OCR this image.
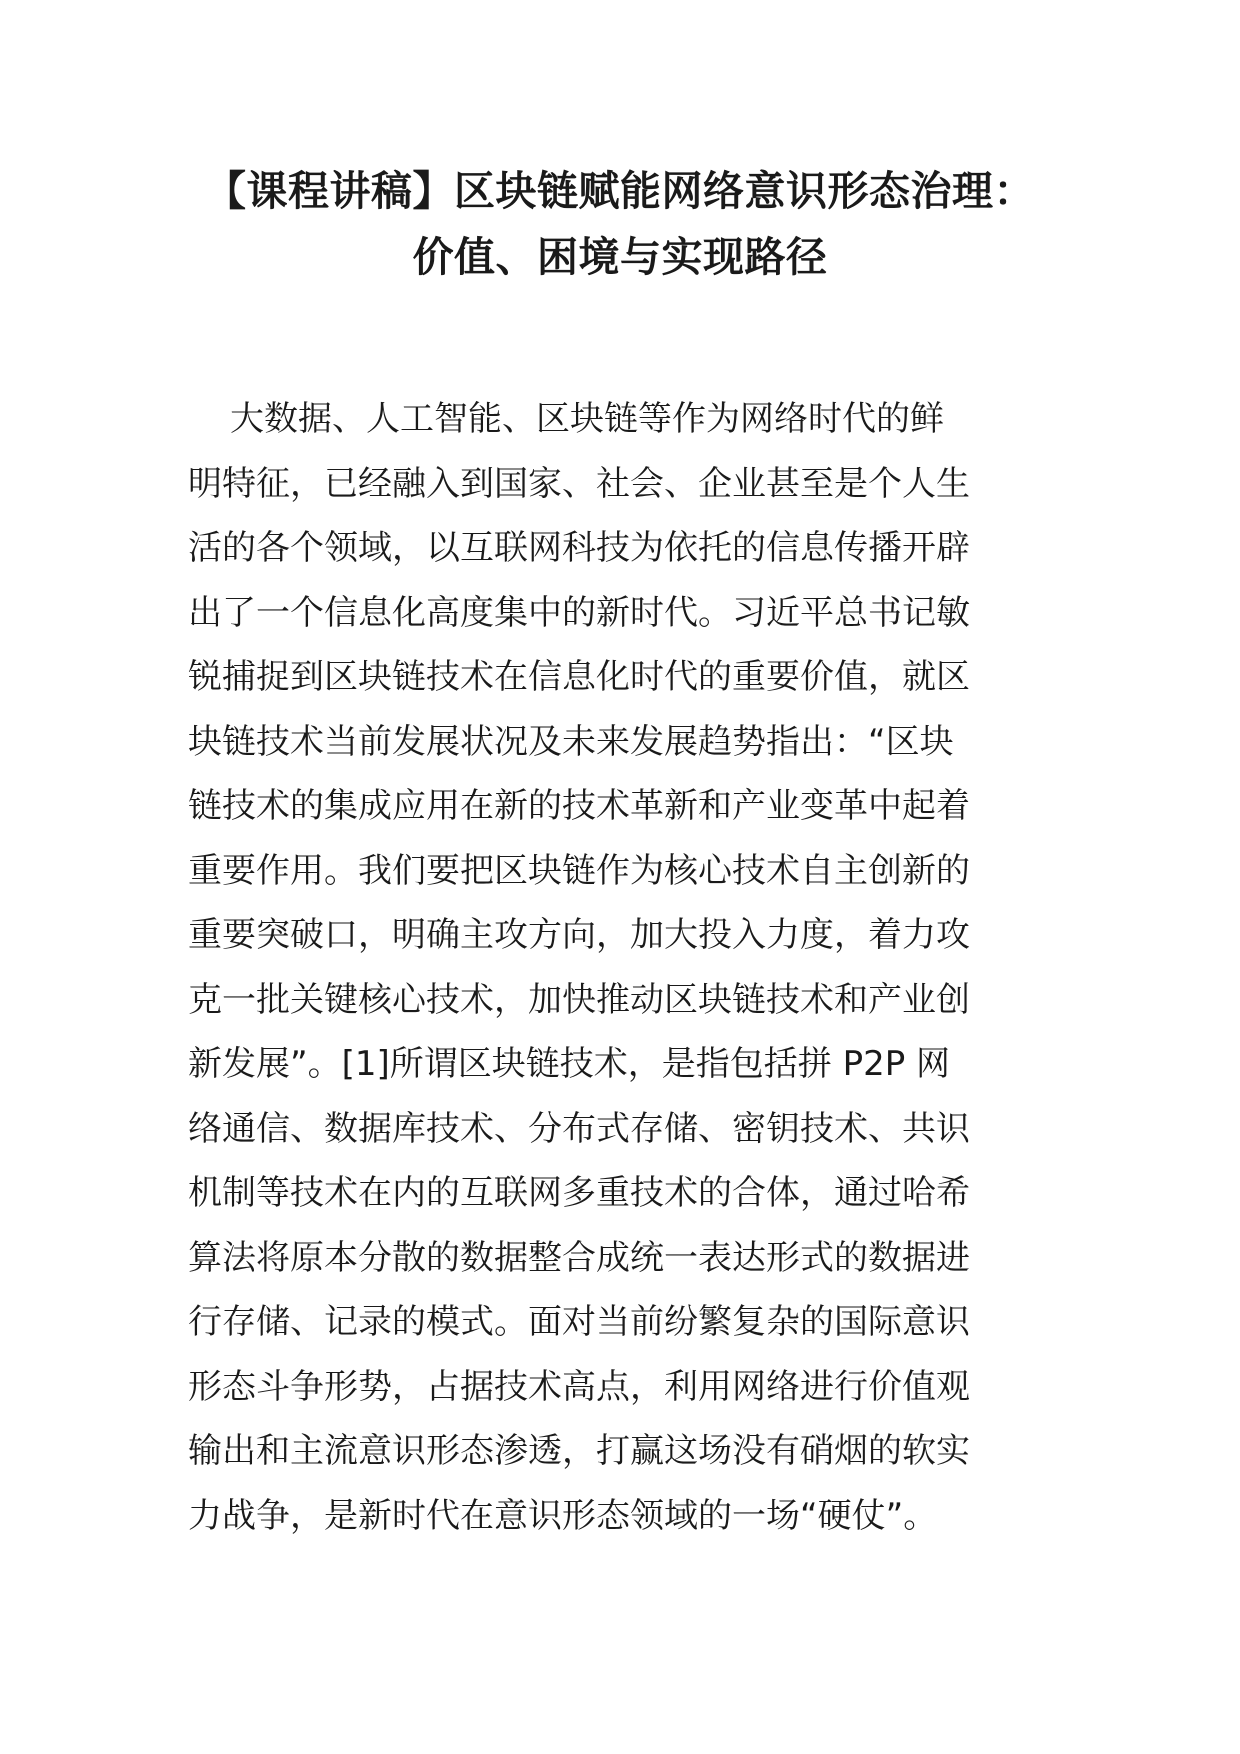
【课程讲稿】区块链赋能网络意识形态治理：
价值、困境与实现路径
大数据、人工智能、区块链等作为网络时代的鲜
明特征，已经融入到国家、社会、企业甚至是个人生
活的各个领域，以互联网科技为依托的信息传播开辟
出了一个信息化高度集中的新时代。习近平总书记敏
锐捕捉到区块链技术在信息化时代的重要价值，就区
块链技术当前发展状况及未来发展趋势指出：“区块
链技术的集成应用在新的技术革新和产业变革中起着
重要作用。我们要把区块链作为核心技术自主创新的
重要突破口，明确主攻方向，加大投入力度，着力攻
克一批关键核心技术，加快推动区块链技术和产业创
新发展”。[1]所谓区块链技术，是指包括拼 P2P 网
络通信、数据库技术、分布式存储、密钥技术、共识
机制等技术在内的互联网多重技术的合体，通过哈希
算法将原本分散的数据整合成统一表达形式的数据进
行存储、记录的模式。面对当前纷繁复杂的国际意识
形态斗争形势，占据技术高点，利用网络进行价值观
输出和主流意识形态渗透，打赢这场没有硝烟的软实
力战争，是新时代在意识形态领域的一场“硬仗”。
